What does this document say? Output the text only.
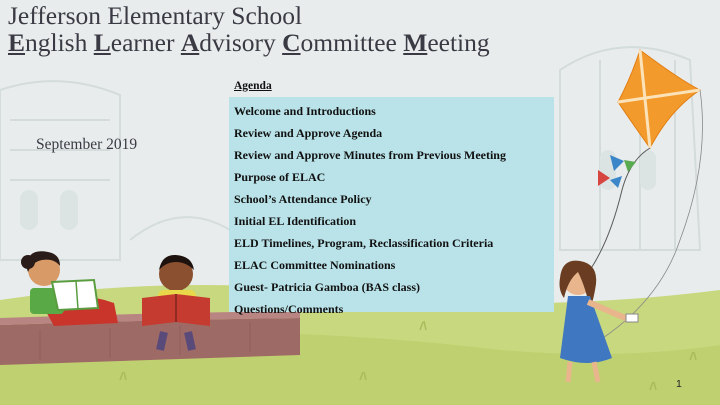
Jefferson Elementary School
English Learner Advisory Committee Meeting
September 2019
Agenda
Welcome and Introductions
Review and Approve Agenda
Review and Approve Minutes from Previous Meeting
Purpose of ELAC
School’s Attendance Policy
Initial EL Identification
ELD Timelines, Program, Reclassification Criteria
ELAC Committee Nominations
Guest- Patricia Gamboa (BAS class)
Questions/Comments
1
